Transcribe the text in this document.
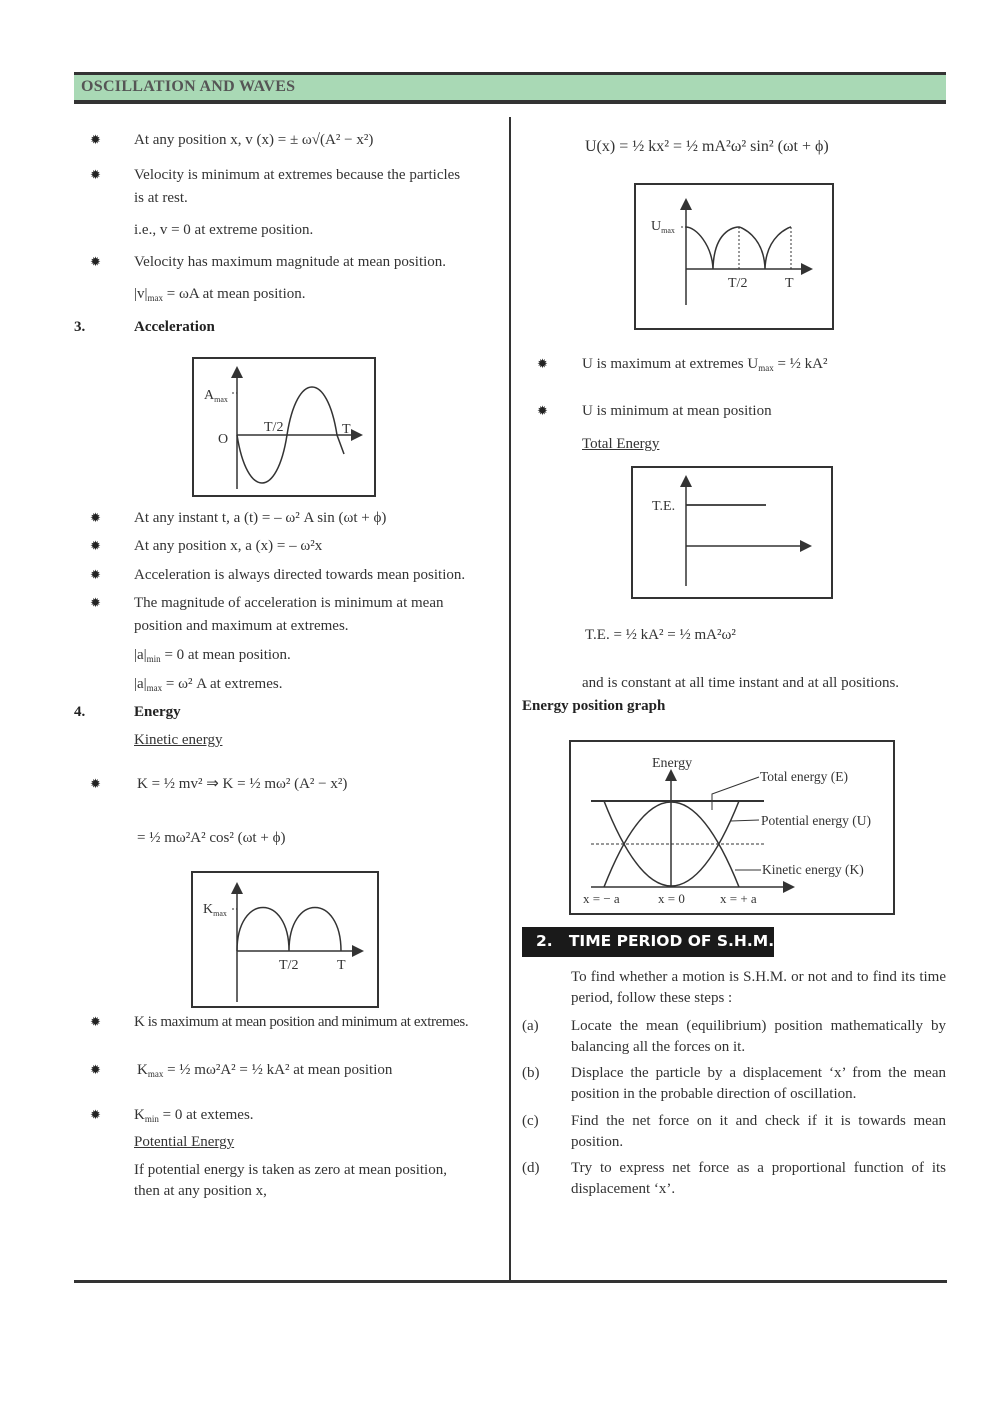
OSCILLATION AND WAVES
✹ At any position x, v (x) = ± ω√(A² − x²)
✹ Velocity is minimum at extremes because the particles
is at rest.
i.e., v = 0 at extreme position.
✹ Velocity has maximum magnitude at mean position.
$|v|_{max} = \omega A$ at mean position.
3.	Acceleration
$A_{max}$
O
T/2	T
✹ At any instant t, a (t) = – ω² A sin (ωt + ϕ)
✹ At any position x, a (x) = – ω²x
✹ Acceleration is always directed towards mean position.
✹ The magnitude of acceleration is minimum at mean
position and maximum at extremes.
$|a|_{min} = 0$ at mean position.
$|a|_{max} = \omega^2$ A at extremes.
4.	Energy
Kinetic energy
✹ K = ½ mv² ⇒ K = ½ mω² (A² − x²)
= ½ mω²A² cos² (ωt + ϕ)
$K_{max}$
T/2	T
✹ K is maximum at mean position and minimum at extremes.
✹ $K_{max}$ = ½ mω²A² = ½ kA² at mean position
✹ $K_{min} = 0$ at extemes.
Potential Energy
If potential energy is taken as zero at mean position,
then at any position x,
U(x) = ½ kx² = ½ mA²ω² sin² (ωt + ϕ)
$U_{max}$
T/2	T
✹ U is maximum at extremes $U_{max}$ = ½ kA²
✹ U is minimum at mean position
Total Energy
T.E.
T.E. = ½ kA² = ½ mA²ω²
and is constant at all time instant and at all positions.
Energy position graph
Energy
Total energy (E)
Potential energy (U)
Kinetic energy (K)
x = − a	x = 0	x = + a
2.   TIME PERIOD OF S.H.M.
To find whether a motion is S.H.M. or not and to find its time period, follow these steps :
(a) Locate the mean (equilibrium) position mathematically by balancing all the forces on it.
(b) Displace the particle by a displacement ‘x’ from the mean position in the probable direction of oscillation.
(c) Find the net force on it and check if it is towards mean position.
(d) Try to express net force as a proportional function of its displacement ‘x’.
